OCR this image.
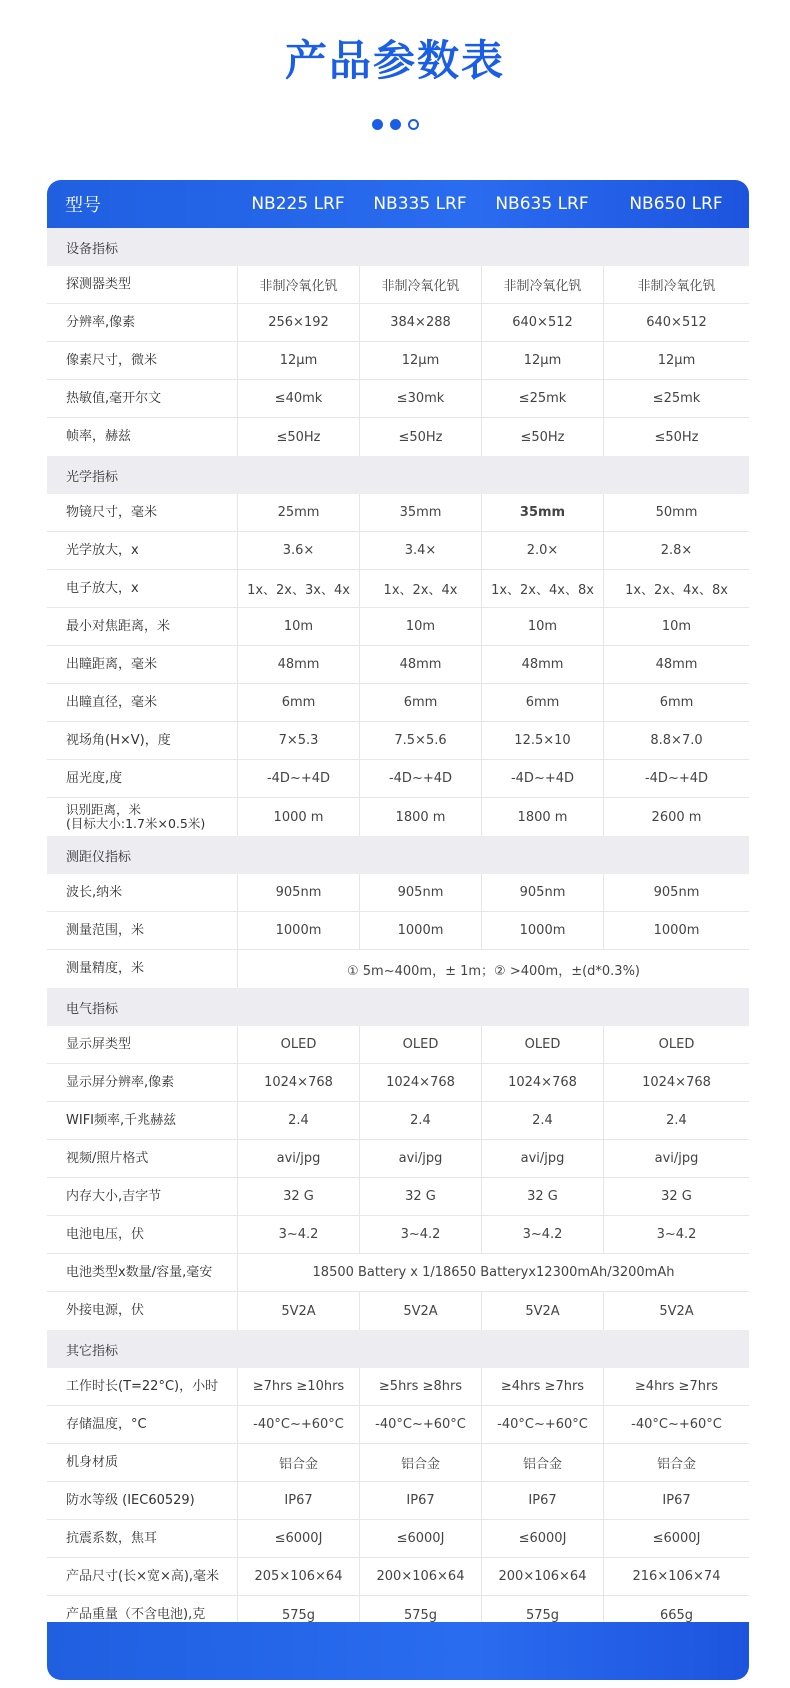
产品参数表
型号	NB225 LRF	NB335 LRF	NB635 LRF	NB650 LRF
设备指标
探测器类型	非制冷氧化钒	非制冷氧化钒	非制冷氧化钒	非制冷氧化钒
分辨率,像素	256×192	384×288	640×512	640×512
像素尺寸，微米	12μm	12μm	12μm	12μm
热敏值,毫开尔文	≤40mk	≤30mk	≤25mk	≤25mk
帧率，赫兹	≤50Hz	≤50Hz	≤50Hz	≤50Hz
光学指标
物镜尺寸，毫米	25mm	35mm	35mm	50mm
光学放大，x	3.6×	3.4×	2.0×	2.8×
电子放大，x	1x、2x、3x、4x	1x、2x、4x	1x、2x、4x、8x	1x、2x、4x、8x
最小对焦距离，米	10m	10m	10m	10m
出瞳距离，毫米	48mm	48mm	48mm	48mm
出瞳直径，毫米	6mm	6mm	6mm	6mm
视场角(H×V)，度	7×5.3	7.5×5.6	12.5×10	8.8×7.0
屈光度,度	-4D~+4D	-4D~+4D	-4D~+4D	-4D~+4D
识别距离，米
(目标大小:1.7米×0.5米)	1000 m	1800 m	1800 m	2600 m
测距仪指标
波长,纳米	905nm	905nm	905nm	905nm
测量范围，米	1000m	1000m	1000m	1000m
测量精度，米	① 5m~400m，± 1m；② >400m，±(d*0.3%)
电气指标
显示屏类型	OLED	OLED	OLED	OLED
显示屏分辨率,像素	1024×768	1024×768	1024×768	1024×768
WIFI频率,千兆赫兹	2.4	2.4	2.4	2.4
视频/照片格式	avi/jpg	avi/jpg	avi/jpg	avi/jpg
内存大小,吉字节	32 G	32 G	32 G	32 G
电池电压，伏	3~4.2	3~4.2	3~4.2	3~4.2
电池类型x数量/容量,毫安	18500 Battery x 1/18650 Batteryx12300mAh/3200mAh
外接电源，伏	5V2A	5V2A	5V2A	5V2A
其它指标
工作时长(T=22°C)，小时	≥7hrs ≥10hrs	≥5hrs ≥8hrs	≥4hrs ≥7hrs	≥4hrs ≥7hrs
存储温度，°C	-40°C~+60°C	-40°C~+60°C	-40°C~+60°C	-40°C~+60°C
机身材质	铝合金	铝合金	铝合金	铝合金
防水等级 (IEC60529)	IP67	IP67	IP67	IP67
抗震系数，焦耳	≤6000J	≤6000J	≤6000J	≤6000J
产品尺寸(长×宽×高),毫米	205×106×64	200×106×64	200×106×64	216×106×74
产品重量（不含电池),克	575g	575g	575g	665g
